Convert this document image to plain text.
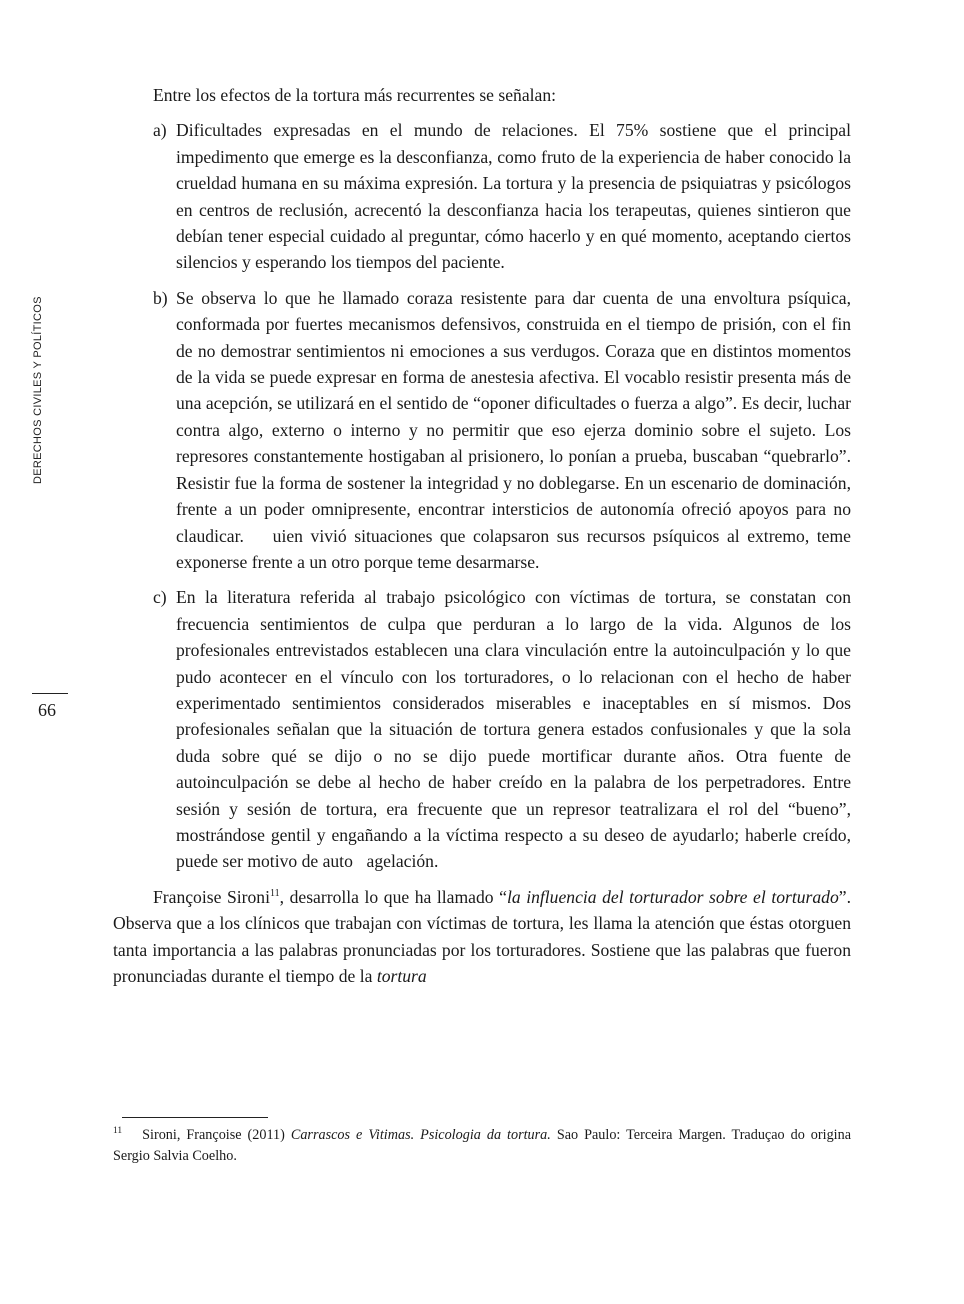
DERECHOS CIVILES Y POLÍTICOS
66

Entre los efectos de la tortura más recurrentes se señalan:

a) Dificultades expresadas en el mundo de relaciones. El 75% sostiene que el principal impedimento que emerge es la desconfianza, como fruto de la experiencia de haber conocido la crueldad humana en su máxima expresión. La tortura y la presencia de psiquiatras y psicólogos en centros de reclusión, acrecentó la desconfianza hacia los terapeutas, quienes sintieron que debían tener especial cuidado al preguntar, cómo hacerlo y en qué momento, aceptando ciertos silencios y esperando los tiempos del paciente.
b) Se observa lo que he llamado coraza resistente para dar cuenta de una envoltura psíquica, conformada por fuertes mecanismos defensivos, construida en el tiempo de prisión, con el fin de no demostrar sentimientos ni emociones a sus verdugos. Coraza que en distintos momentos de la vida se puede expresar en forma de anestesia afectiva. El vocablo resistir presenta más de una acepción, se utilizará en el sentido de “oponer dificultades o fuerza a algo”. Es decir, luchar contra algo, externo o interno y no permitir que eso ejerza dominio sobre el sujeto. Los represores constantemente hostigaban al prisionero, lo ponían a prueba, buscaban “quebrarlo”. Resistir fue la forma de sostener la integridad y no doblegarse. En un escenario de dominación, frente a un poder omnipresente, encontrar intersticios de autonomía ofreció apoyos para no claudicar. ￿ uien vivió situaciones que colapsaron sus recursos psíquicos al extremo, teme exponerse frente a un otro porque teme desarmarse.
c) En la literatura referida al trabajo psicológico con víctimas de tortura, se constatan con frecuencia sentimientos de culpa que perduran a lo largo de la vida. Algunos de los profesionales entrevistados establecen una clara vinculación entre la autoinculpación y lo que pudo acontecer en el vínculo con los torturadores, o lo relacionan con el hecho de haber experimentado sentimientos considerados miserables e inaceptables en sí mismos. Dos profesionales señalan que la situación de tortura genera estados confusionales y que la sola duda sobre qué se dijo o no se dijo puede mortificar durante años. Otra fuente de autoinculpación se debe al hecho de haber creído en la palabra de los perpetradores. Entre sesión y sesión de tortura, era frecuente que un represor teatralizara el rol del “bueno”, mostrándose gentil y engañando a la víctima respecto a su deseo de ayudarlo; haberle creído, puede ser motivo de auto￿agelación.

Françoise Sironi$^{11}$, desarrolla lo que ha llamado “la influencia del torturador sobre el torturado”. Observa que a los clínicos que trabajan con víctimas de tortura, les llama la atención que éstas otorguen tanta importancia a las palabras pronunciadas por los torturadores. Sostiene que las palabras que fueron pronunciadas durante el tiempo de la tortura

$^{11}$ Sironi, Françoise (2011) Carrascos e Vitimas. Psicologia da tortura. Sao Paulo: Terceira Margen. Traduçao do origina Sergio Salvia Coelho.
